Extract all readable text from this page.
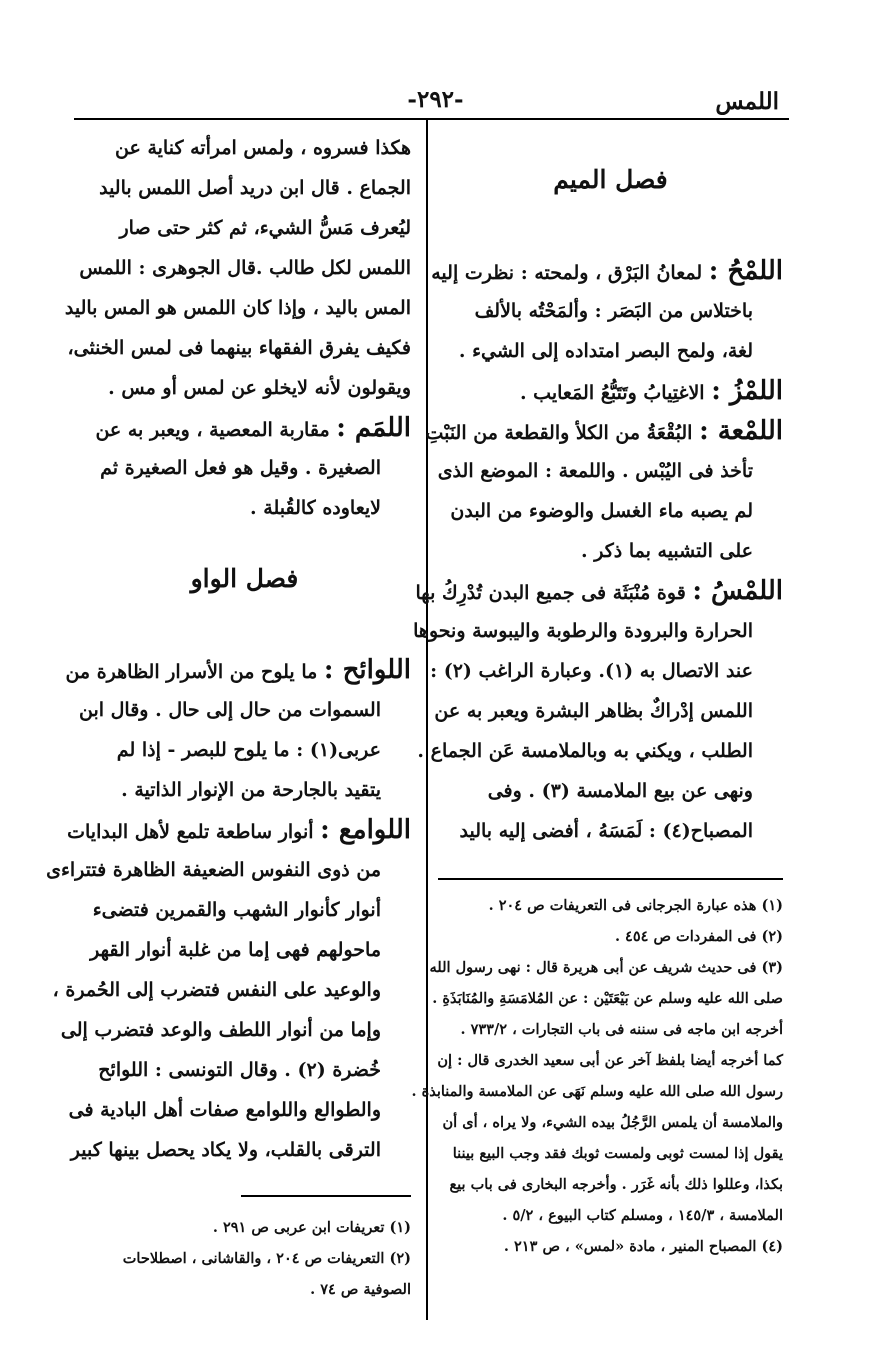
اللمس
-٢٩٢-
فصل الميم
اللمْحُ : لمعانُ البَرْق ، ولمحته : نظرت إليه
باختلاس من البَصَر : وألمَحْتُه بالألف
لغة، ولمح البصر امتداده إلى الشيء .
اللمْزُ : الاغتِيابُ وتَتَبُّعُ المَعايب .
اللمْعة : البُقْعَةُ من الكلأ والقطعة من النَبْتِ
تأخذ فى اليُبْس . واللمعة : الموضع الذى
لم يصبه ماء الغسل والوضوء من البدن
على التشبيه بما ذكر .
اللمْسُ : قوة مُنْبَثَة فى جميع البدن تُدْرِكُ بها
الحرارة والبرودة والرطوبة واليبوسة ونحوها
عند الاتصال به (١). وعبارة الراغب (٢) :
اللمس إدْراكٌ بظاهر البشرة ويعبر به عن
الطلب ، ويكني به وبالملامسة عَن الجماع .
ونهى عن بيع الملامسة (٣) . وفى
المصباح(٤) : لَمَسَهُ ، أفضى إليه باليد
(١) هذه عبارة الجرجانى فى التعريفات ص ٢٠٤ .
(٢) فى المفردات ص ٤٥٤ .
(٣) فى حديث شريف عن أبى هريرة قال : نهى رسول الله
صلى الله عليه وسلم عن بَيْعَتَيْن : عن المُلامَسَةِ والمُنَابَذَةِ .
أخرجه ابن ماجه فى سننه فى باب التجارات ، ٧٣٣/٢ .
كما أخرجه أيضا بلفظ آخر عن أبى سعيد الخدرى قال : إن
رسول الله صلى الله عليه وسلم نَهَى عن الملامسة والمنابذة .
والملامسة أن يلمس الرَّجُلُ بيده الشيء، ولا يراه ، أى أن
يقول إذا لمست ثوبى ولمست ثوبك فقد وجب البيع بيننا
بكذا، وعللوا ذلك بأنه غَرَر . وأخرجه البخارى فى باب بيع
الملامسة ، ١٤٥/٣ ، ومسلم كتاب البيوع ، ٥/٢ .
(٤) المصباح المنير ، مادة «لمس» ، ص ٢١٣ .
هكذا فسروه ، ولمس امرأته كناية عن
الجماع . قال ابن دريد أصل اللمس باليد
ليُعرف مَسُّ الشيء، ثم كثر حتى صار
اللمس لكل طالب .قال الجوهرى : اللمس
المس باليد ، وإذا كان اللمس هو المس باليد
فكيف يفرق الفقهاء بينهما فى لمس الخنثى،
ويقولون لأنه لايخلو عن لمس أو مس .
اللمَم : مقاربة المعصية ، ويعبر به عن
الصغيرة . وقيل هو فعل الصغيرة ثم
لايعاوده كالقُبلة .
فصل الواو
اللوائح : ما يلوح من الأسرار الظاهرة من
السموات من حال إلى حال . وقال ابن
عربى(١) : ما يلوح للبصر - إذا لم
يتقيد بالجارحة من الإنوار الذاتية .
اللوامع : أنوار ساطعة تلمع لأهل البدايات
من ذوى النفوس الضعيفة الظاهرة فتتراءى
أنوار كأنوار الشهب والقمرين فتضىء
ماحولهم فهى إما من غلبة أنوار القهر
والوعيد على النفس فتضرب إلى الحُمرة ،
وإما من أنوار اللطف والوعد فتضرب إلى
خُضرة (٢) . وقال التونسى : اللوائح
والطوالع واللوامع صفات أهل البادية فى
الترقى بالقلب، ولا يكاد يحصل بينها كبير
(١) تعريفات ابن عربى ص ٢٩١ .
(٢) التعريفات ص ٢٠٤ ، والقاشانى ، اصطلاحات
الصوفية ص ٧٤ .
